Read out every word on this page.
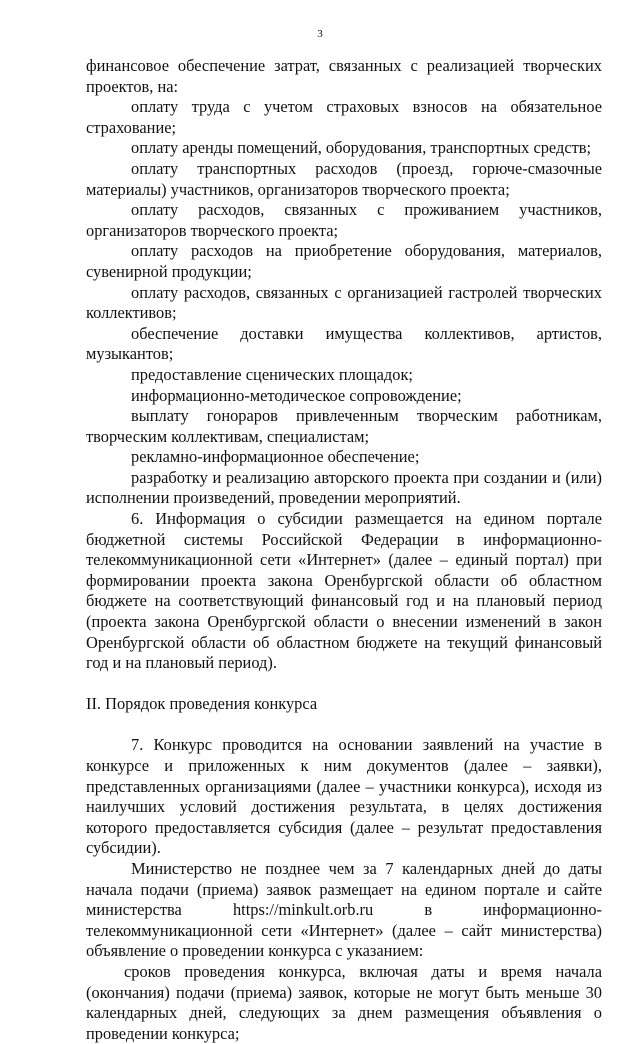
3

финансовое обеспечение затрат, связанных с реализацией творческих проектов, на:

оплату труда с учетом страховых взносов на обязательное страхование;

оплату аренды помещений, оборудования, транспортных средств;

оплату транспортных расходов (проезд, горюче-смазочные материалы) участников, организаторов творческого проекта;

оплату расходов, связанных с проживанием участников, организаторов творческого проекта;

оплату расходов на приобретение оборудования, материалов, сувенирной продукции;

оплату расходов, связанных с организацией гастролей творческих коллективов;

обеспечение доставки имущества коллективов, артистов, музыкантов;

предоставление сценических площадок;

информационно-методическое сопровождение;

выплату гонораров привлеченным творческим работникам, творческим коллективам, специалистам;

рекламно-информационное обеспечение;

разработку и реализацию авторского проекта при создании и (или) исполнении произведений, проведении мероприятий.

6. Информация о субсидии размещается на едином портале бюджетной системы Российской Федерации в информационно-телекоммуникационной сети «Интернет» (далее – единый портал) при формировании проекта закона Оренбургской области об областном бюджете на соответствующий финансовый год и на плановый период (проекта закона Оренбургской области о внесении изменений в закон Оренбургской области об областном бюджете на текущий финансовый год и на плановый период).

II. Порядок проведения конкурса

7. Конкурс проводится на основании заявлений на участие в конкурсе и приложенных к ним документов (далее – заявки), представленных организациями (далее – участники конкурса), исходя из наилучших условий достижения результата, в целях достижения которого предоставляется субсидия (далее – результат предоставления субсидии).

Министерство не позднее чем за 7 календарных дней до даты начала подачи (приема) заявок размещает на едином портале и сайте министерства https://minkult.orb.ru в информационно-телекоммуникационной сети «Интернет» (далее – сайт министерства) объявление о проведении конкурса с указанием:

сроков проведения конкурса, включая даты и время начала (окончания) подачи (приема) заявок, которые не могут быть меньше 30 календарных дней, следующих за днем размещения объявления о проведении конкурса;
